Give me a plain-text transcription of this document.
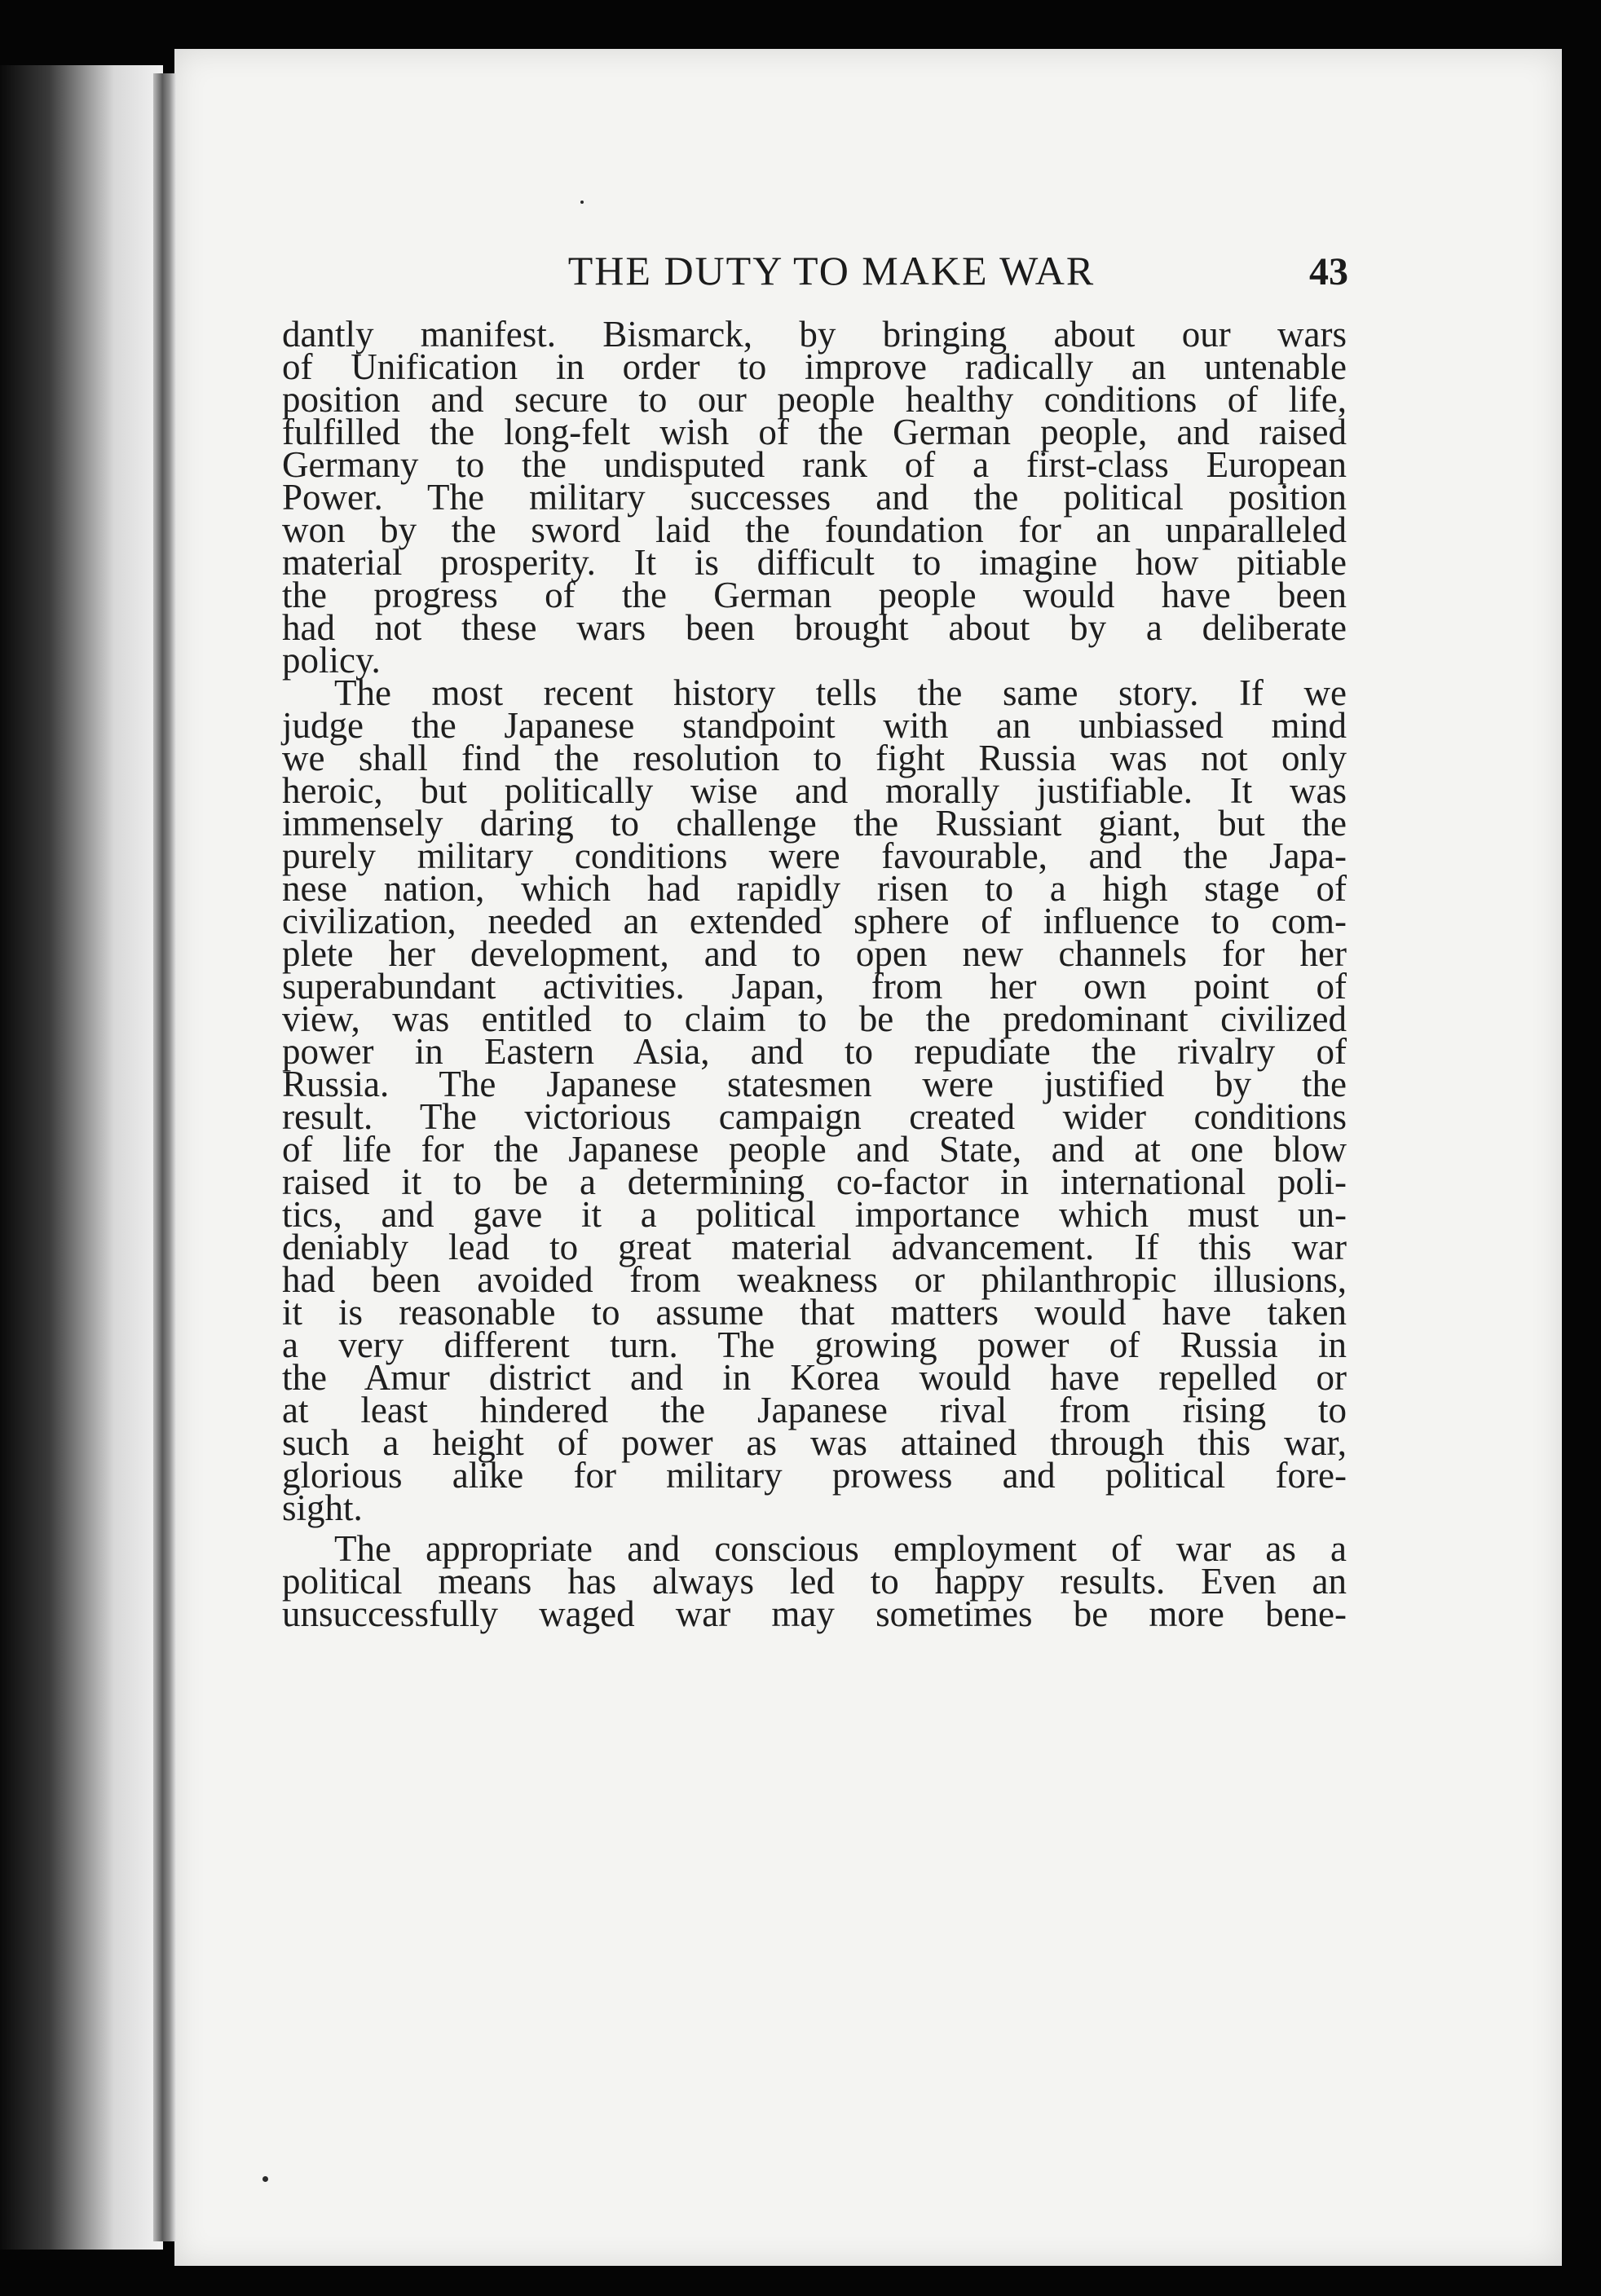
THE DUTY TO MAKE WAR	43
dantly manifest. Bismarck, by bringing about our wars
of Unification in order to improve radically an untenable
position and secure to our people healthy conditions of life,
fulfilled the long-felt wish of the German people, and raised
Germany to the undisputed rank of a first-class European
Power. The military successes and the political position
won by the sword laid the foundation for an unparalleled
material prosperity. It is difficult to imagine how pitiable
the progress of the German people would have been
had not these wars been brought about by a deliberate
policy.
The most recent history tells the same story. If we
judge the Japanese standpoint with an unbiassed mind
we shall find the resolution to fight Russia was not only
heroic, but politically wise and morally justifiable. It was
immensely daring to challenge the Russiant giant, but the
purely military conditions were favourable, and the Japa-
nese nation, which had rapidly risen to a high stage of
civilization, needed an extended sphere of influence to com-
plete her development, and to open new channels for her
superabundant activities. Japan, from her own point of
view, was entitled to claim to be the predominant civilized
power in Eastern Asia, and to repudiate the rivalry of
Russia. The Japanese statesmen were justified by the
result. The victorious campaign created wider conditions
of life for the Japanese people and State, and at one blow
raised it to be a determining co-factor in international poli-
tics, and gave it a political importance which must un-
deniably lead to great material advancement. If this war
had been avoided from weakness or philanthropic illusions,
it is reasonable to assume that matters would have taken
a very different turn. The growing power of Russia in
the Amur district and in Korea would have repelled or
at least hindered the Japanese rival from rising to
such a height of power as was attained through this war,
glorious alike for military prowess and political fore-
sight.
The appropriate and conscious employment of war as a
political means has always led to happy results. Even an
unsuccessfully waged war may sometimes be more bene-
